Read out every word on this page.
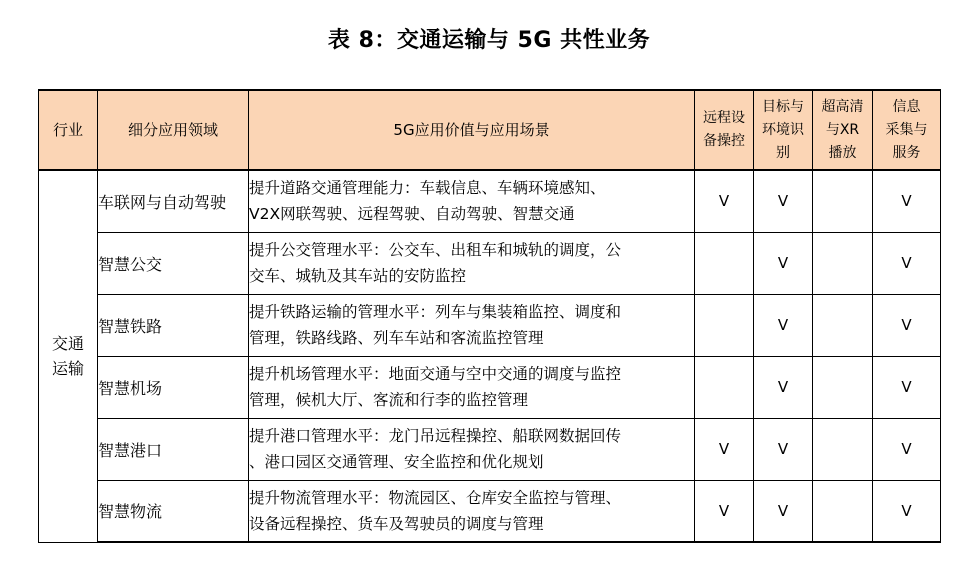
表 8：交通运输与 5G 共性业务
行业	细分应用领域	5G应用价值与应用场景	远程设
备操控	目标与
环境识
别	超高清
与XR
播放	信息
采集与
服务
交通
运输	车联网与自动驾驶	提升道路交通管理能力：车载信息、车辆环境感知、
V2X网联驾驶、远程驾驶、自动驾驶、智慧交通	V	V		V
	智慧公交	提升公交管理水平：公交车、出租车和城轨的调度，公
交车、城轨及其车站的安防监控		V		V
	智慧铁路	提升铁路运输的管理水平：列车与集装箱监控、调度和
管理，铁路线路、列车车站和客流监控管理		V		V
	智慧机场	提升机场管理水平：地面交通与空中交通的调度与监控
管理，候机大厅、客流和行李的监控管理		V		V
	智慧港口	提升港口管理水平：龙门吊远程操控、船联网数据回传
、港口园区交通管理、安全监控和优化规划	V	V		V
	智慧物流	提升物流管理水平：物流园区、仓库安全监控与管理、
设备远程操控、货车及驾驶员的调度与管理	V	V		V
